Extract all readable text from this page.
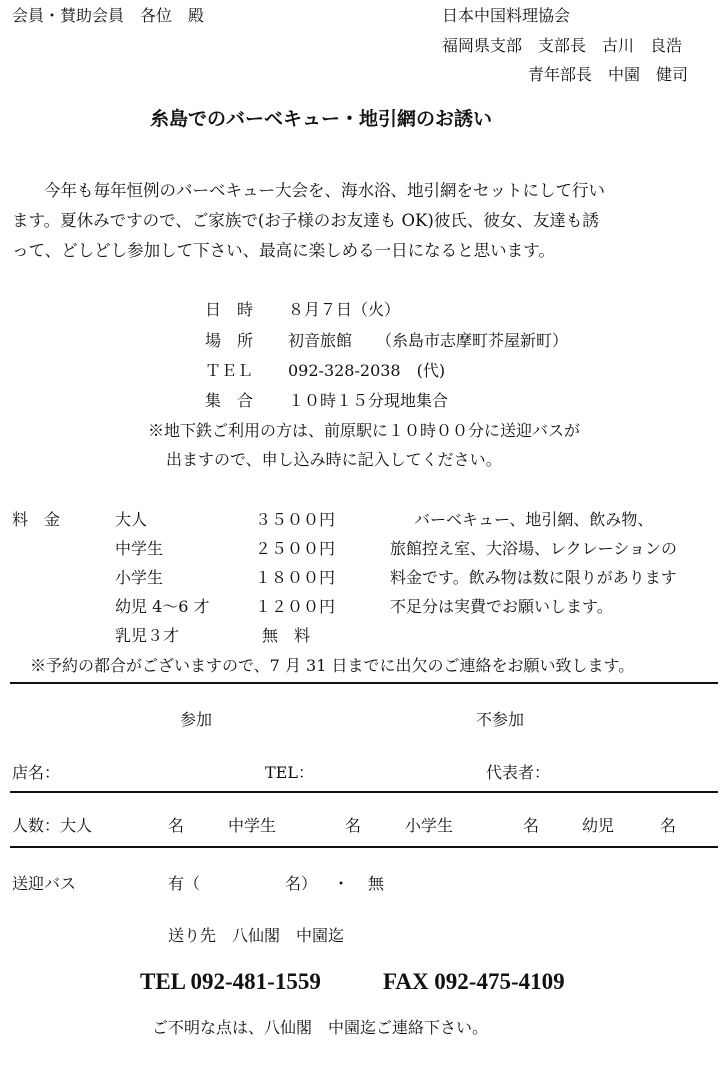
会員・賛助会員　各位　殿	日本中国料理協会
福岡県支部　支部長　古川　良浩
青年部長　中園　健司
糸島でのバーベキュー・地引網のお誘い
今年も毎年恒例のバーベキュー大会を、海水浴、地引網をセットにして行い
ます。夏休みですので、ご家族で(お子様のお友達も OK)彼氏、彼女、友達も誘
って、どしどし参加して下さい、最高に楽しめる一日になると思います。
日　時 ８月７日（火）
場　所 初音旅館　　（糸島市志摩町芥屋新町）
ＴＥＬ 092-328-2038　(代)
集　合 １０時１５分現地集合
※地下鉄ご利用の方は、前原駅に１０時００分に送迎バスが
出ますので、申し込み時に記入してください。
料　金	大人	３５００円
中学生	２５００円
小学生	１８００円
幼児 4〜6 才	１２００円
乳児３才	無　料
バーベキュー、地引網、飲み物、
旅館控え室、大浴場、レクレーションの
料金です。飲み物は数に限りがあります
不足分は実費でお願いします。
※予約の都合がございますので、7 月 31 日までに出欠のご連絡をお願い致します。
参加	不参加
店名：	TEL：	代表者：
人数：大人	名	中学生	名	小学生	名	幼児	名
送迎バス	有（	名） ・ 無
送り先　八仙閣　中園迄
TEL 092-481-1559	FAX 092-475-4109
ご不明な点は、八仙閣　中園迄ご連絡下さい。
